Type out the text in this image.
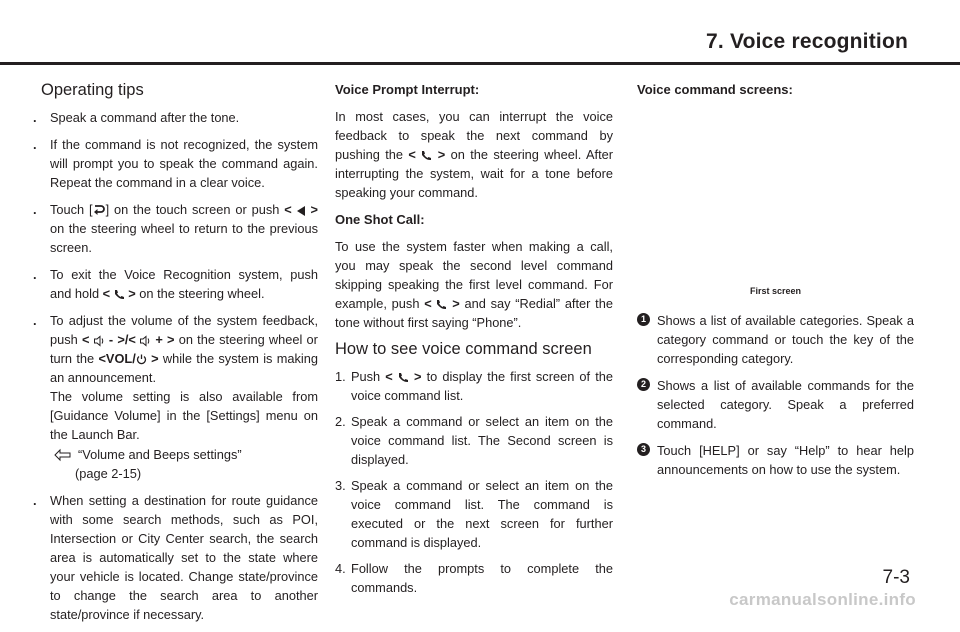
7. Voice recognition
Operating tips
. Speak a command after the tone.
. If the command is not recognized, the system will prompt you to speak the command again. Repeat the command in a clear voice.
. Touch [ ] on the touch screen or push < > on the steering wheel to return to the previous screen.
. To exit the Voice Recognition system, push and hold < > on the steering wheel.
. To adjust the volume of the system feedback, push < - >/< + > on the steering wheel or turn the <VOL/ > while the system is making an announcement.
The volume setting is also available from [Guidance Volume] in the [Settings] menu on the Launch Bar.
“Volume and Beeps settings”
(page 2-15)
. When setting a destination for route guidance with some search methods, such as POI, Intersection or City Center search, the search area is automatically set to the state where your vehicle is located. Change state/province to change the search area to another state/province if necessary.
Voice Prompt Interrupt:
In most cases, you can interrupt the voice feedback to speak the next command by pushing the < > on the steering wheel. After interrupting the system, wait for a tone before speaking your command.
One Shot Call:
To use the system faster when making a call, you may speak the second level command skipping speaking the first level command. For example, push < > and say “Redial” after the tone without first saying “Phone”.
How to see voice command screen
1. Push < > to display the first screen of the voice command list.
2. Speak a command or select an item on the voice command list. The Second screen is displayed.
3. Speak a command or select an item on the voice command list. The command is executed or the next screen for further command is displayed.
4. Follow the prompts to complete the commands.
Voice command screens:
First screen
1 Shows a list of available categories. Speak a category command or touch the key of the corresponding category.
2 Shows a list of available commands for the selected category. Speak a preferred command.
3 Touch [HELP] or say “Help” to hear help announcements on how to use the system.
7-3
carmanualsonline.info
